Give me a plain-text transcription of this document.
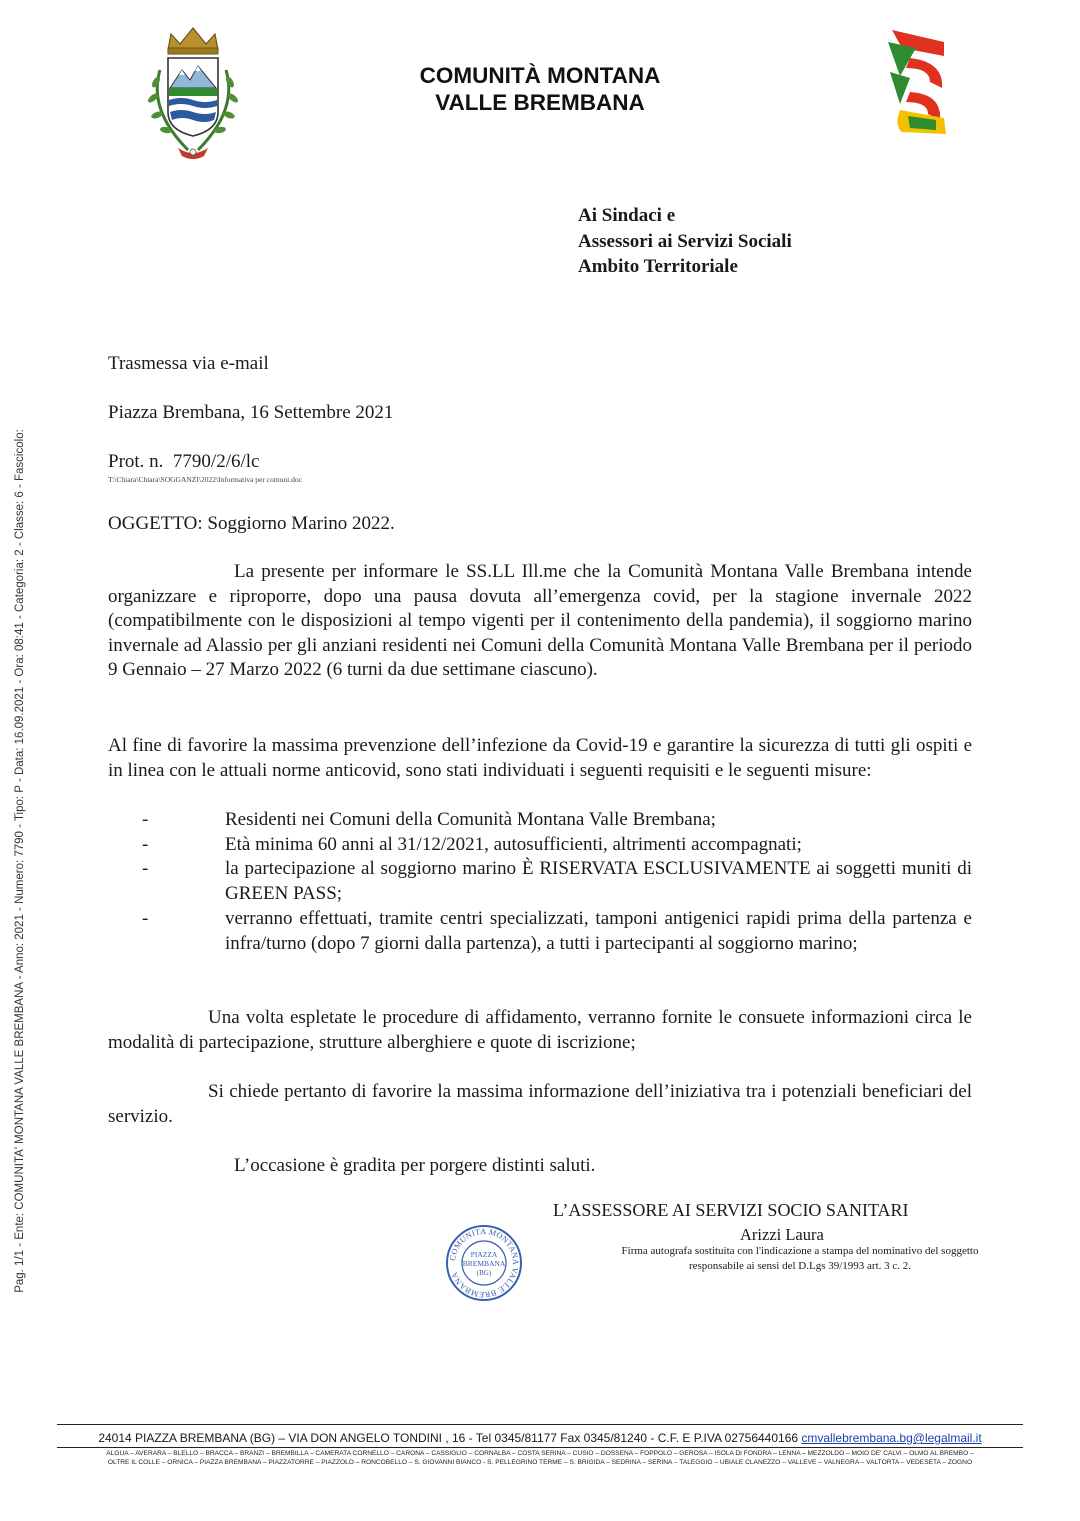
Pag. 1/1 - Ente: COMUNITA' MONTANA VALLE BREMBANA - Anno: 2021 - Numero: 7790 - Tipo: P - Data: 16.09.2021 - Ora: 08:41 - Categoria: 2 - Classe: 6 - Fascicolo:
COMUNITÀ MONTANA
VALLE BREMBANA
Ai Sindaci e
Assessori ai Servizi Sociali
Ambito Territoriale
Trasmessa via e-mail
Piazza Brembana, 16 Settembre 2021
Prot. n.  7790/2/6/lc
T:\Chiara\Chiara\SOGGANZI\2022\Informativa per comuni.doc
OGGETTO: Soggiorno Marino 2022.
La presente per informare le SS.LL Ill.me che la Comunità Montana Valle Brembana intende organizzare e riproporre, dopo una pausa dovuta all’emergenza covid, per la stagione invernale 2022 (compatibilmente con le disposizioni al tempo vigenti per il contenimento della pandemia), il soggiorno marino invernale ad Alassio per gli anziani residenti nei Comuni della Comunità Montana Valle Brembana per il periodo 9 Gennaio – 27 Marzo 2022 (6 turni da due settimane ciascuno).
Al fine di favorire la massima prevenzione dell’infezione da Covid-19 e garantire la sicurezza di tutti gli ospiti e in linea con le attuali norme anticovid, sono stati individuati i seguenti requisiti e le seguenti misure:
-	Residenti nei Comuni della Comunità Montana Valle Brembana;
-	Età minima 60 anni al 31/12/2021, autosufficienti, altrimenti accompagnati;
-	la partecipazione al soggiorno marino È RISERVATA ESCLUSIVAMENTE ai soggetti muniti di GREEN PASS;
-	verranno effettuati, tramite centri specializzati, tamponi antigenici rapidi prima della partenza e infra/turno (dopo 7 giorni dalla partenza), a tutti i partecipanti al soggiorno marino;
Una volta espletate le procedure di affidamento, verranno fornite le consuete informazioni circa le modalità di partecipazione, strutture alberghiere e quote di iscrizione;
Si chiede pertanto di favorire la massima informazione dell’iniziativa tra i potenziali beneficiari del servizio.
L’occasione è gradita per porgere distinti saluti.
L’ASSESSORE AI SERVIZI SOCIO SANITARI
Arizzi Laura
Firma autografa sostituita con l'indicazione a stampa del nominativo del soggetto responsabile ai sensi del D.Lgs 39/1993 art. 3 c. 2.
COMUNITA MONTANA VALLE BREMBANA
PIAZZA
BREMBANA
(BG)
24014 PIAZZA BREMBANA (BG) – VIA DON ANGELO TONDINI , 16 - Tel 0345/81177 Fax 0345/81240 - C.F. E P.IVA 02756440166 cmvallebrembana.bg@legalmail.it
ALGUA – AVERARA – BLELLO – BRACCA – BRANZI – BREMBILLA – CAMERATA CORNELLO – CARONA – CASSIGLIO – CORNALBA – COSTA SERINA – CUSIO – DOSSENA – FOPPOLO – GEROSA – ISOLA DI FONDRA – LENNA – MEZZOLDO – MOIO DE' CALVI – OLMO AL BREMBO –
OLTRE IL COLLE – ORNICA – PIAZZA BREMBANA – PIAZZATORRE – PIAZZOLO – RONCOBELLO – S. GIOVANNI BIANCO - S. PELLEGRINO TERME – S. BRIGIDA – SEDRINA – SERINA – TALEGGIO – UBIALE CLANEZZO – VALLEVE – VALNEGRA – VALTORTA – VEDESETA – ZOGNO
